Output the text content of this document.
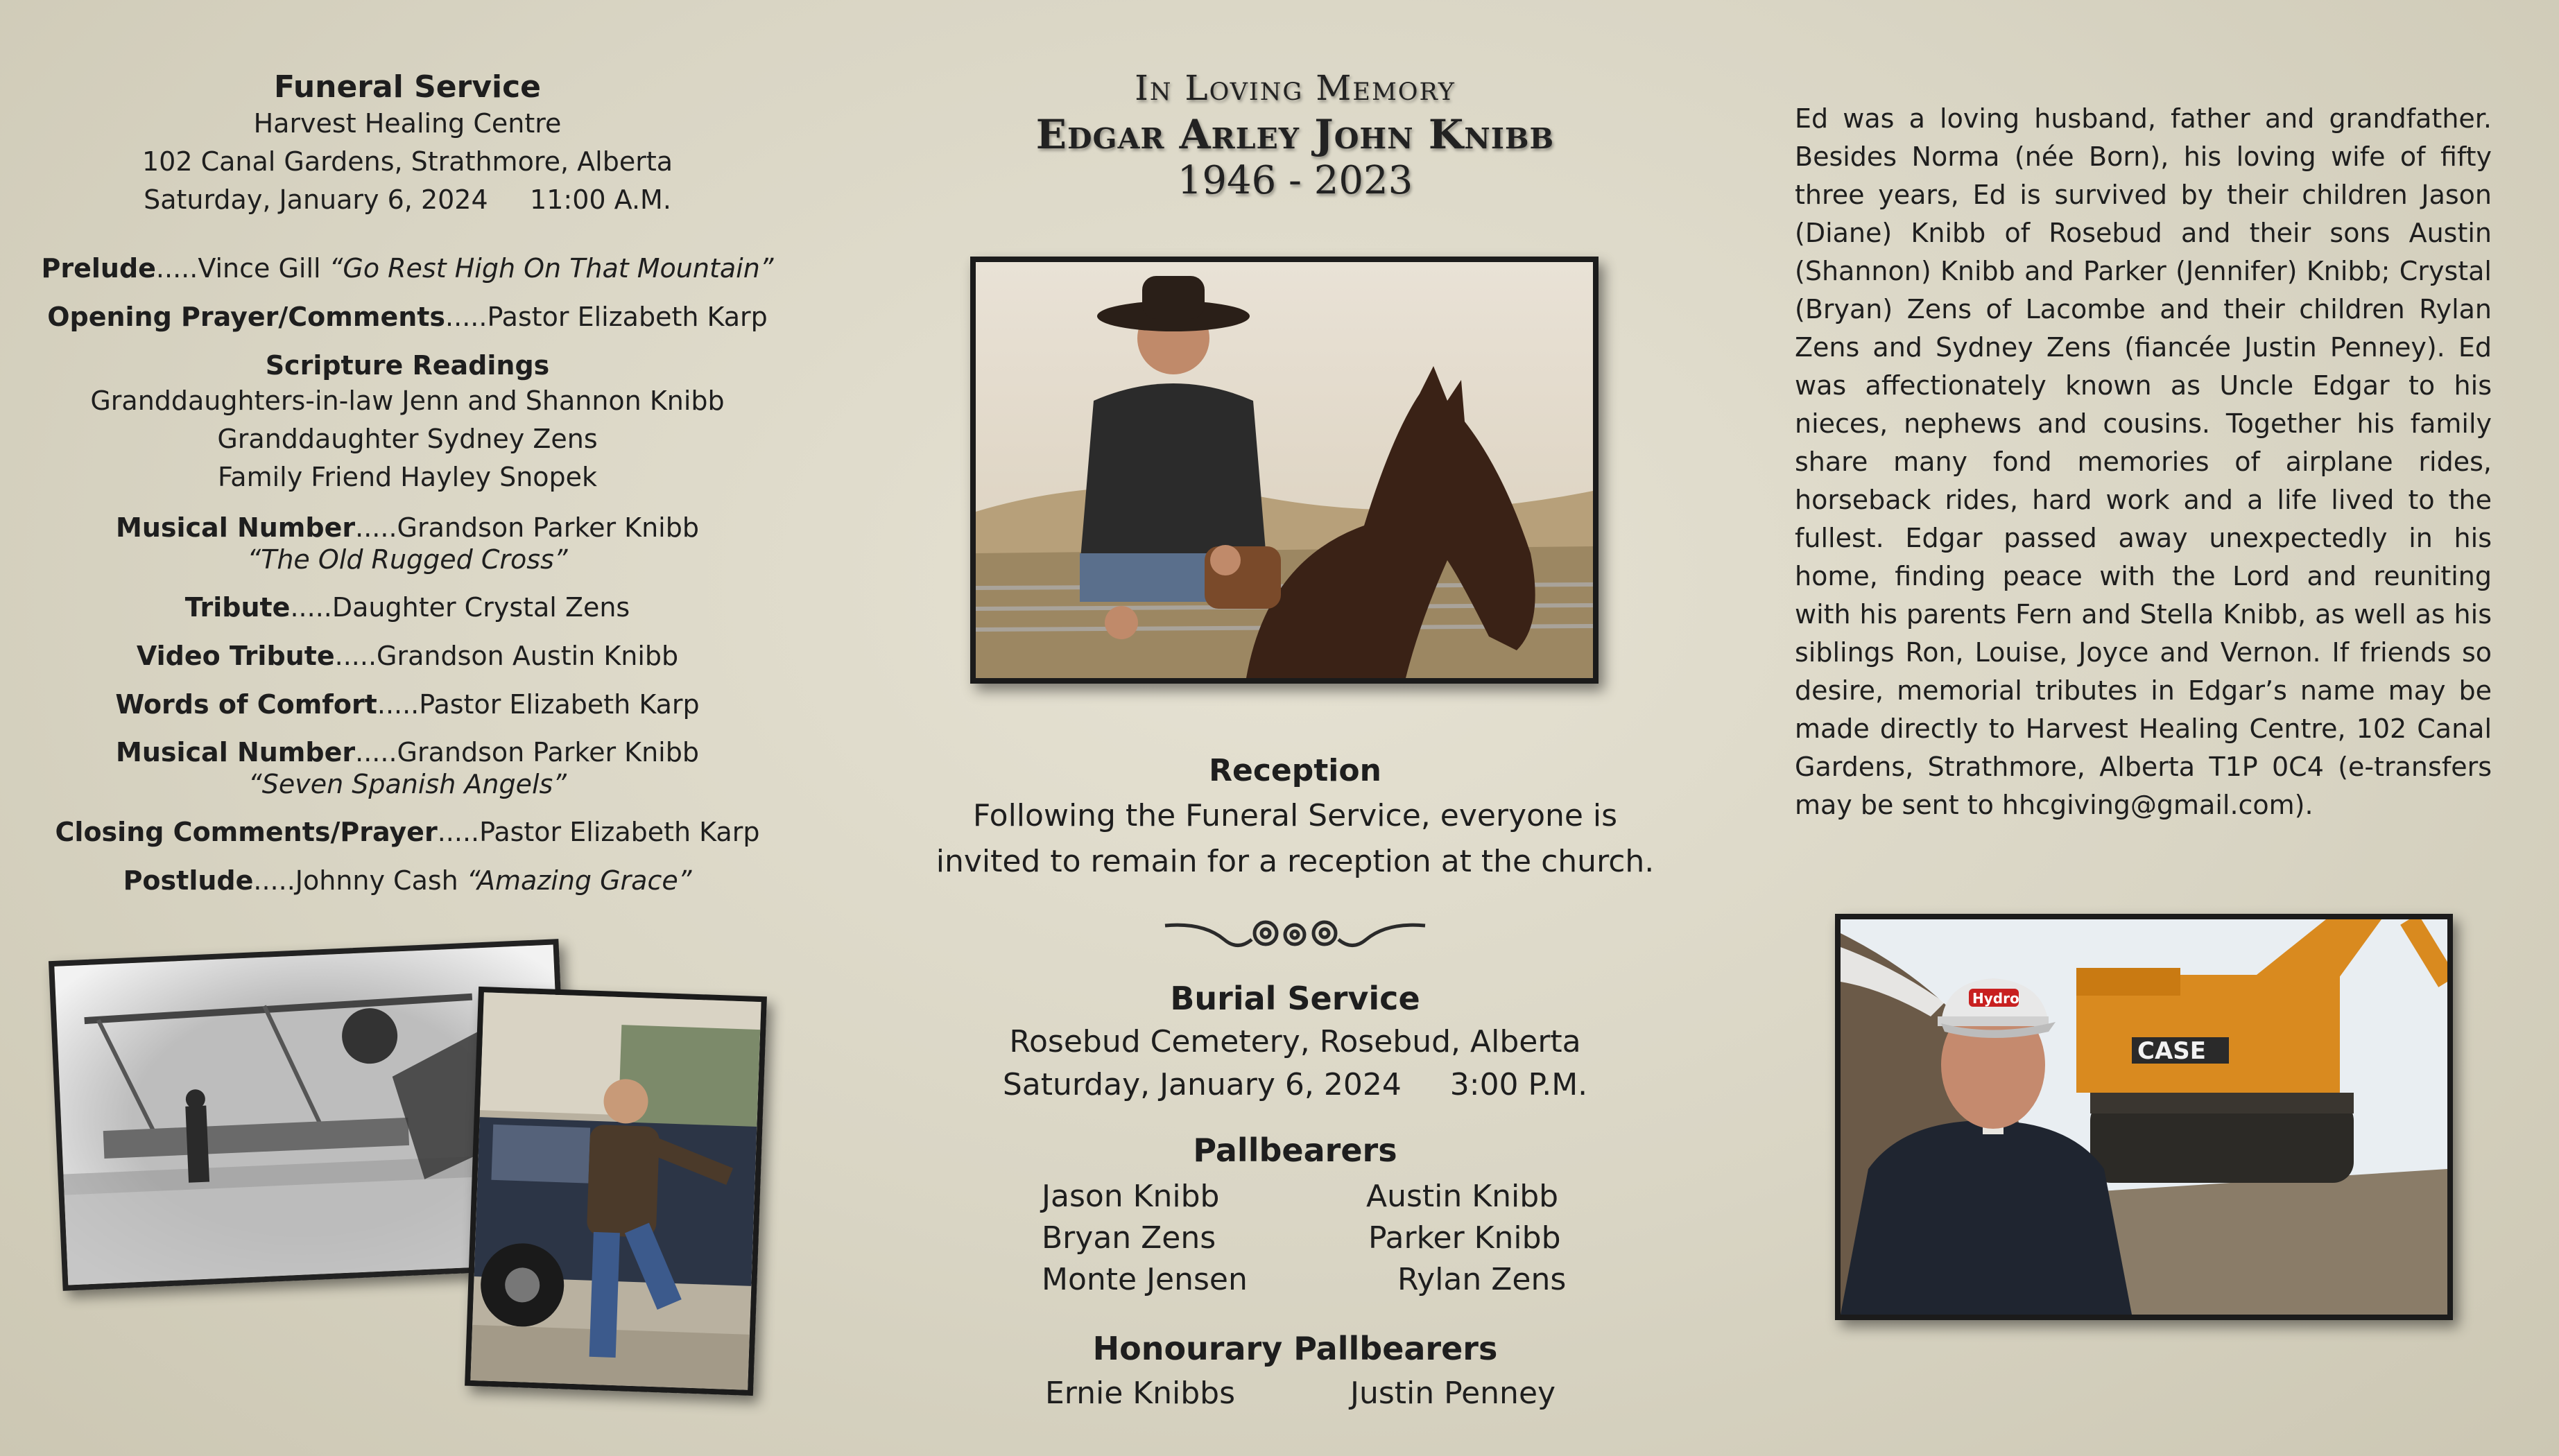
Funeral Service
Harvest Healing Centre
102 Canal Gardens, Strathmore, Alberta
Saturday, January 6, 2024     11:00 A.M.
Prelude.....Vince Gill “Go Rest High On That Mountain”
Opening Prayer/Comments.....Pastor Elizabeth Karp
Scripture Readings
Granddaughters-in-law Jenn and Shannon Knibb
Granddaughter Sydney Zens
Family Friend Hayley Snopek
Musical Number.....Grandson Parker Knibb
“The Old Rugged Cross”
Tribute.....Daughter Crystal Zens
Video Tribute.....Grandson Austin Knibb
Words of Comfort.....Pastor Elizabeth Karp
Musical Number.....Grandson Parker Knibb
“Seven Spanish Angels”
Closing Comments/Prayer.....Pastor Elizabeth Karp
Postlude.....Johnny Cash “Amazing Grace”
In Loving Memory
Edgar Arley John Knibb
1946 - 2023
Reception
Following the Funeral Service, everyone is
invited to remain for a reception at the church.
Burial Service
Rosebud Cemetery, Rosebud, Alberta
Saturday, January 6, 2024     3:00 P.M.
Pallbearers
Jason Knibb	Austin Knibb
Bryan Zens	Parker Knibb
Monte Jensen	Rylan Zens
Honourary Pallbearers
Ernie Knibbs	Justin Penney

Ed was a loving husband, father and grandfather. Besides Norma (née Born), his loving wife of fifty three years, Ed is survived by their children Jason (Diane) Knibb of Rosebud and their sons Austin (Shannon) Knibb and Parker (Jennifer) Knibb; Crystal (Bryan) Zens of Lacombe and their children Rylan Zens and Sydney Zens (fiancée Justin Penney). Ed was affectionately known as Uncle Edgar to his nieces, nephews and cousins. Together his family share many fond memories of airplane rides, horseback rides, hard work and a life lived to the fullest. Edgar passed away unexpectedly in his home, finding peace with the Lord and reuniting with his parents Fern and Stella Knibb, as well as his siblings Ron, Louise, Joyce and Vernon. If friends so desire, memorial tributes in Edgar’s name may be made directly to Harvest Healing Centre, 102 Canal Gardens, Strathmore, Alberta T1P 0C4 (e-transfers may be sent to hhcgiving@gmail.com).

CASE
Hydro
